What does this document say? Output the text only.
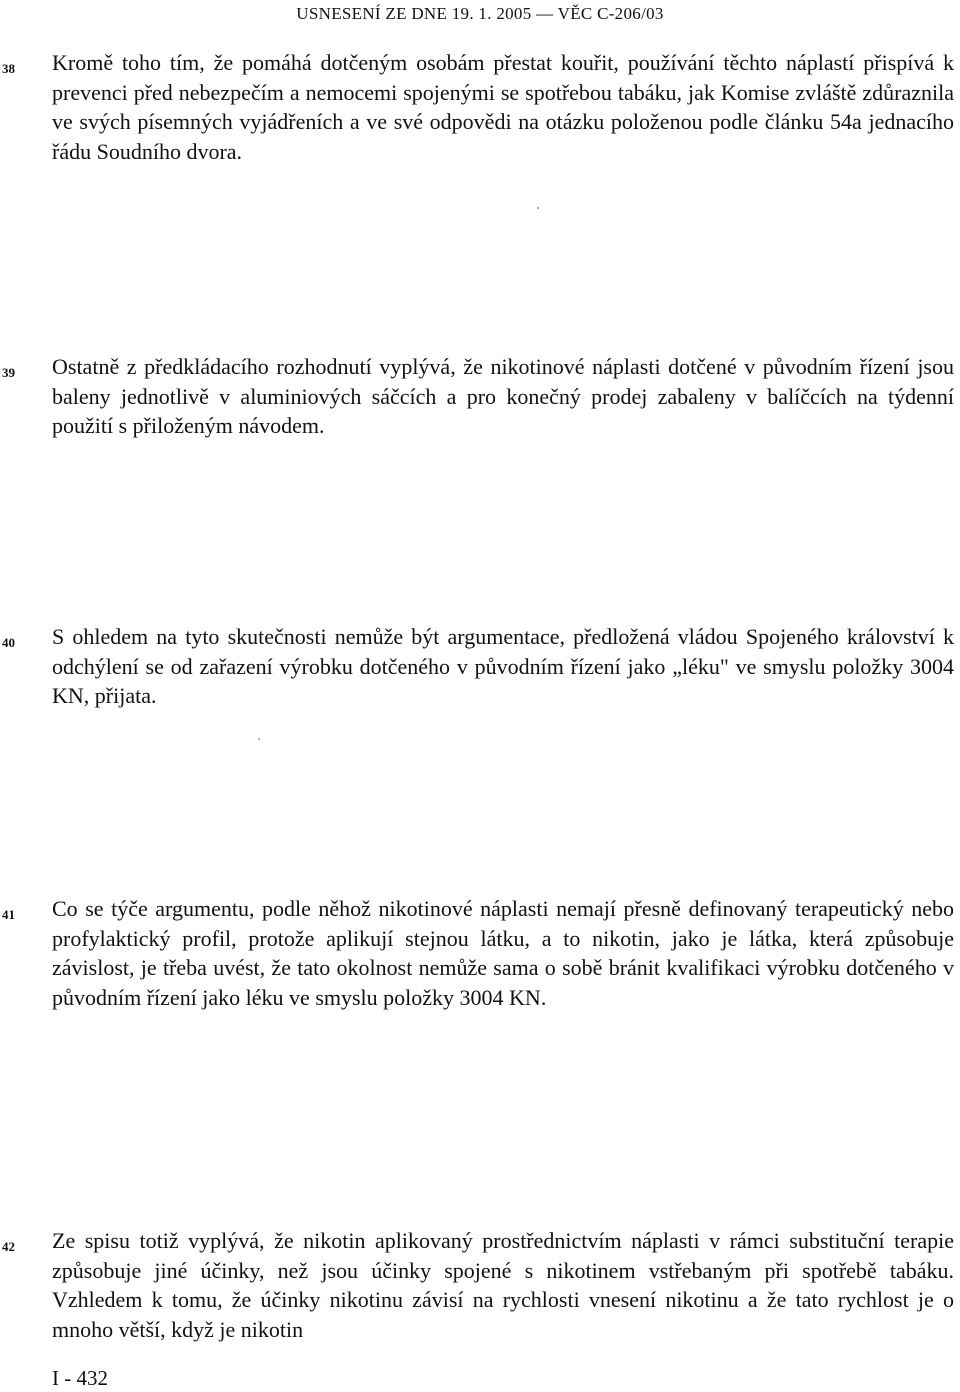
USNESENÍ ZE DNE 19. 1. 2005 — VĚC C-206/03
38 Kromě toho tím, že pomáhá dotčeným osobám přestat kouřit, používání těchto náplastí přispívá k prevenci před nebezpečím a nemocemi spojenými se spotřebou tabáku, jak Komise zvláště zdůraznila ve svých písemných vyjádřeních a ve své odpovědi na otázku položenou podle článku 54a jednacího řádu Soudního dvora.

39 Ostatně z předkládacího rozhodnutí vyplývá, že nikotinové náplasti dotčené v původním řízení jsou baleny jednotlivě v aluminiových sáčcích a pro konečný prodej zabaleny v balíčcích na týdenní použití s přiloženým návodem.

40 S ohledem na tyto skutečnosti nemůže být argumentace, předložená vládou Spojeného království k odchýlení se od zařazení výrobku dotčeného v původním řízení jako „léku" ve smyslu položky 3004 KN, přijata.

41 Co se týče argumentu, podle něhož nikotinové náplasti nemají přesně definovaný terapeutický nebo profylaktický profil, protože aplikují stejnou látku, a to nikotin, jako je látka, která způsobuje závislost, je třeba uvést, že tato okolnost nemůže sama o sobě bránit kvalifikaci výrobku dotčeného v původním řízení jako léku ve smyslu položky 3004 KN.

42 Ze spisu totiž vyplývá, že nikotin aplikovaný prostřednictvím náplasti v rámci substituční terapie způsobuje jiné účinky, než jsou účinky spojené s nikotinem vstřebaným při spotřebě tabáku. Vzhledem k tomu, že účinky nikotinu závisí na rychlosti vnesení nikotinu a že tato rychlost je o mnoho větší, když je nikotin

I - 432
